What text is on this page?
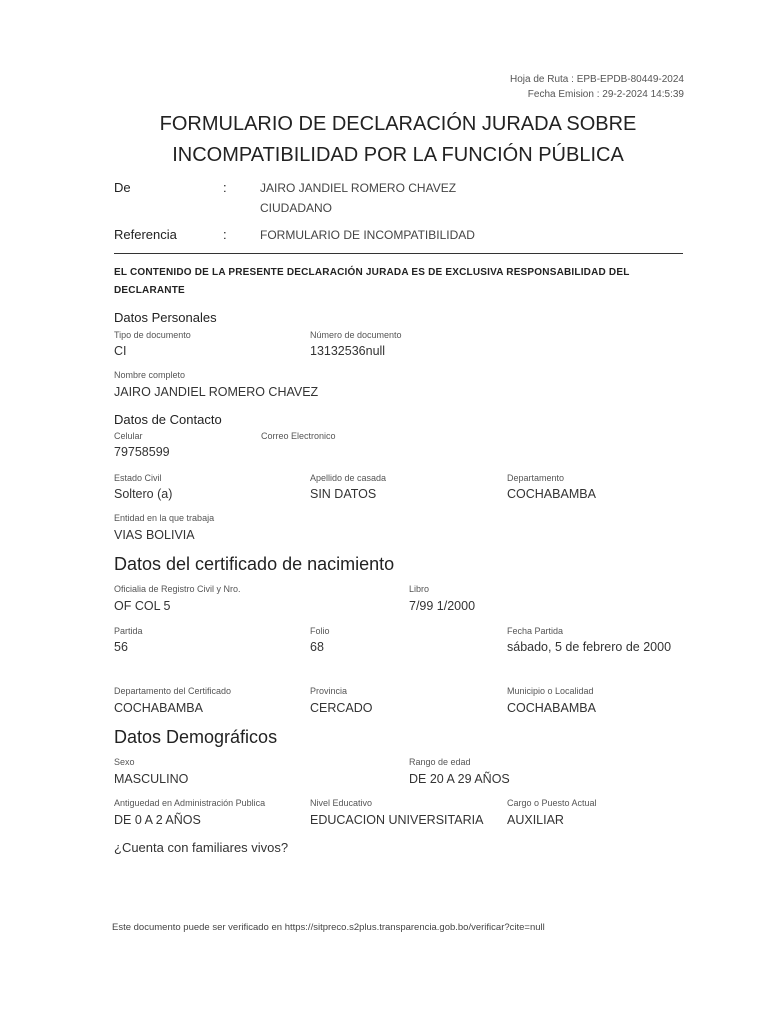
Hoja de Ruta : EPB-EPDB-80449-2024
Fecha Emision : 29-2-2024 14:5:39
FORMULARIO DE DECLARACIÓN JURADA SOBRE
INCOMPATIBILIDAD POR LA FUNCIÓN PÚBLICA
De	:	JAIRO JANDIEL ROMERO CHAVEZ
CIUDADANO
Referencia	:	FORMULARIO DE INCOMPATIBILIDAD
EL CONTENIDO DE LA PRESENTE DECLARACIÓN JURADA ES DE EXCLUSIVA RESPONSABILIDAD DEL DECLARANTE
Datos Personales
Tipo de documento
CI
Número de documento
13132536null
Nombre completo
JAIRO JANDIEL ROMERO CHAVEZ
Datos de Contacto
Celular
79758599
Correo Electronico
Estado Civil
Soltero (a)
Apellido de casada
SIN DATOS
Departamento
COCHABAMBA
Entidad en la que trabaja
VIAS BOLIVIA
Datos del certificado de nacimiento
Oficialia de Registro Civil y Nro.
OF COL 5
Libro
7/99 1/2000
Partida
56
Folio
68
Fecha Partida
sábado, 5 de febrero de 2000
Departamento del Certificado
COCHABAMBA
Provincia
CERCADO
Municipio o Localidad
COCHABAMBA
Datos Demográficos
Sexo
MASCULINO
Rango de edad
DE 20 A 29 AÑOS
Antiguedad en Administración Publica
DE 0 A 2 AÑOS
Nivel Educativo
EDUCACION UNIVERSITARIA
Cargo o Puesto Actual
AUXILIAR
¿Cuenta con familiares vivos?
Este documento puede ser verificado en https://sitpreco.s2plus.transparencia.gob.bo/verificar?cite=null
